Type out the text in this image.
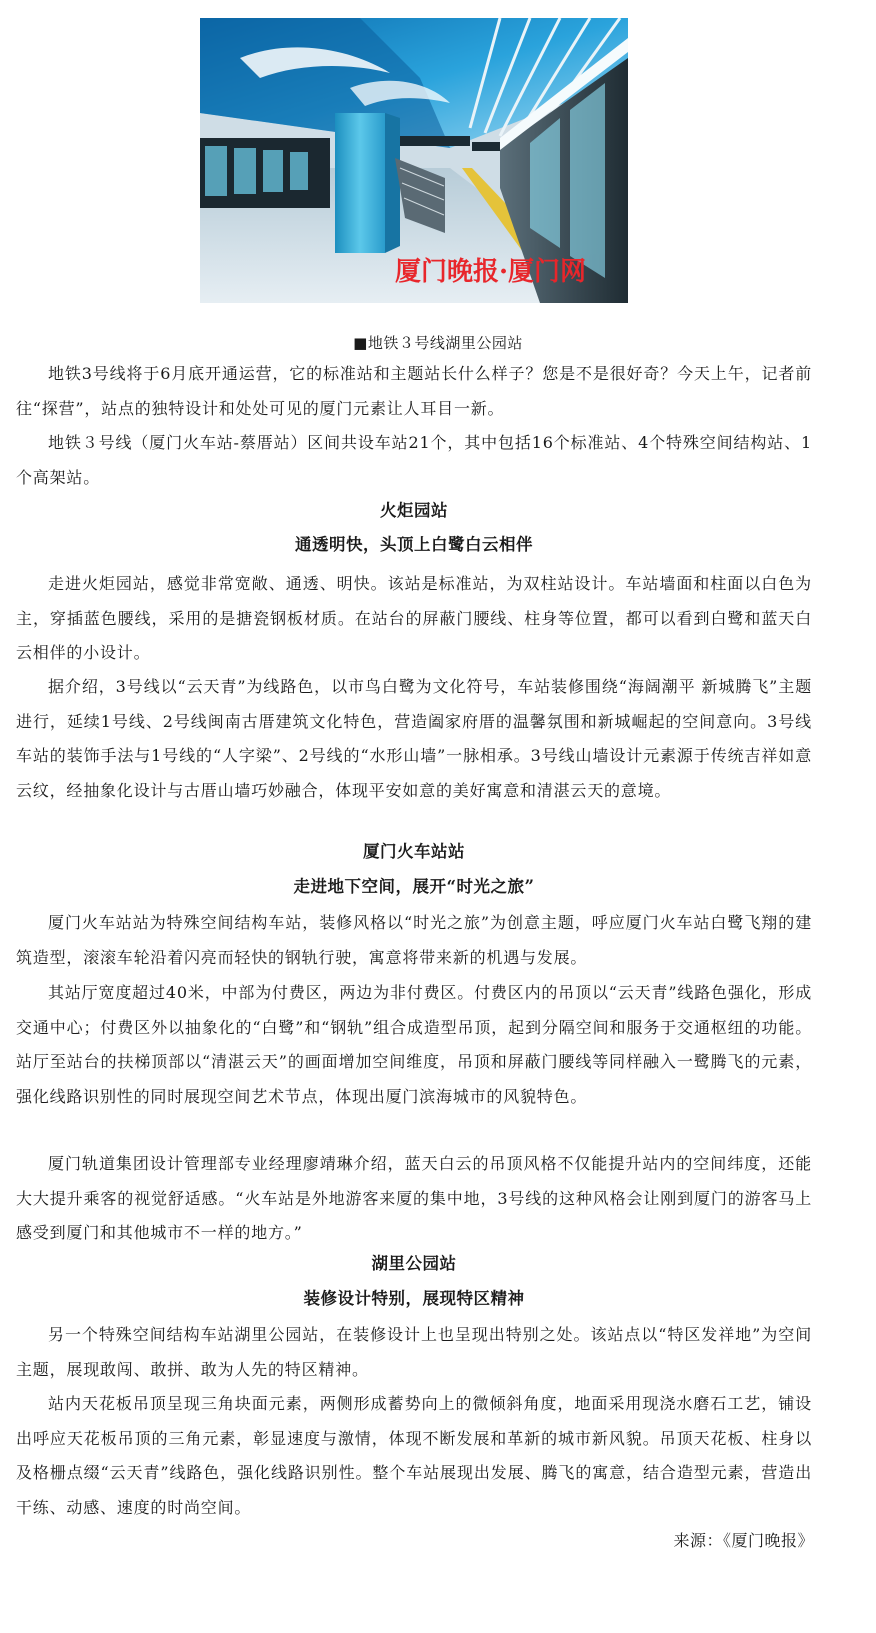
厦门晚报·厦门网
■地铁３号线湖里公园站

地铁3号线将于6月底开通运营，它的标准站和主题站长什么样子？您是不是很好奇？今天上午，记者前往“探营”，站点的独特设计和处处可见的厦门元素让人耳目一新。

地铁３号线（厦门火车站-蔡厝站）区间共设车站21个，其中包括16个标准站、4个特殊空间结构站、1个高架站。

火炬园站
通透明快，头顶上白鹭白云相伴

走进火炬园站，感觉非常宽敞、通透、明快。该站是标准站，为双柱站设计。车站墙面和柱面以白色为主，穿插蓝色腰线，采用的是搪瓷钢板材质。在站台的屏蔽门腰线、柱身等位置，都可以看到白鹭和蓝天白云相伴的小设计。

据介绍，3号线以“云天青”为线路色，以市鸟白鹭为文化符号，车站装修围绕“海阔潮平 新城腾飞”主题进行，延续1号线、2号线闽南古厝建筑文化特色，营造阖家府厝的温馨氛围和新城崛起的空间意向。3号线车站的装饰手法与1号线的“人字梁”、2号线的“水形山墙”一脉相承。3号线山墙设计元素源于传统吉祥如意云纹，经抽象化设计与古厝山墙巧妙融合，体现平安如意的美好寓意和清湛云天的意境。

厦门火车站站
走进地下空间，展开“时光之旅”

厦门火车站站为特殊空间结构车站，装修风格以“时光之旅”为创意主题，呼应厦门火车站白鹭飞翔的建筑造型，滚滚车轮沿着闪亮而轻快的钢轨行驶，寓意将带来新的机遇与发展。

其站厅宽度超过40米，中部为付费区，两边为非付费区。付费区内的吊顶以“云天青”线路色强化，形成交通中心；付费区外以抽象化的“白鹭”和“钢轨”组合成造型吊顶，起到分隔空间和服务于交通枢纽的功能。站厅至站台的扶梯顶部以“清湛云天”的画面增加空间维度，吊顶和屏蔽门腰线等同样融入一鹭腾飞的元素，强化线路识别性的同时展现空间艺术节点，体现出厦门滨海城市的风貌特色。

厦门轨道集团设计管理部专业经理廖靖琳介绍，蓝天白云的吊顶风格不仅能提升站内的空间纬度，还能大大提升乘客的视觉舒适感。“火车站是外地游客来厦的集中地，3号线的这种风格会让刚到厦门的游客马上感受到厦门和其他城市不一样的地方。”

湖里公园站
装修设计特别，展现特区精神

另一个特殊空间结构车站湖里公园站，在装修设计上也呈现出特别之处。该站点以“特区发祥地”为空间主题，展现敢闯、敢拼、敢为人先的特区精神。

站内天花板吊顶呈现三角块面元素，两侧形成蓄势向上的微倾斜角度，地面采用现浇水磨石工艺，铺设出呼应天花板吊顶的三角元素，彰显速度与激情，体现不断发展和革新的城市新风貌。吊顶天花板、柱身以及格栅点缀“云天青”线路色，强化线路识别性。整个车站展现出发展、腾飞的寓意，结合造型元素，营造出干练、动感、速度的时尚空间。

来源：《厦门晚报》
